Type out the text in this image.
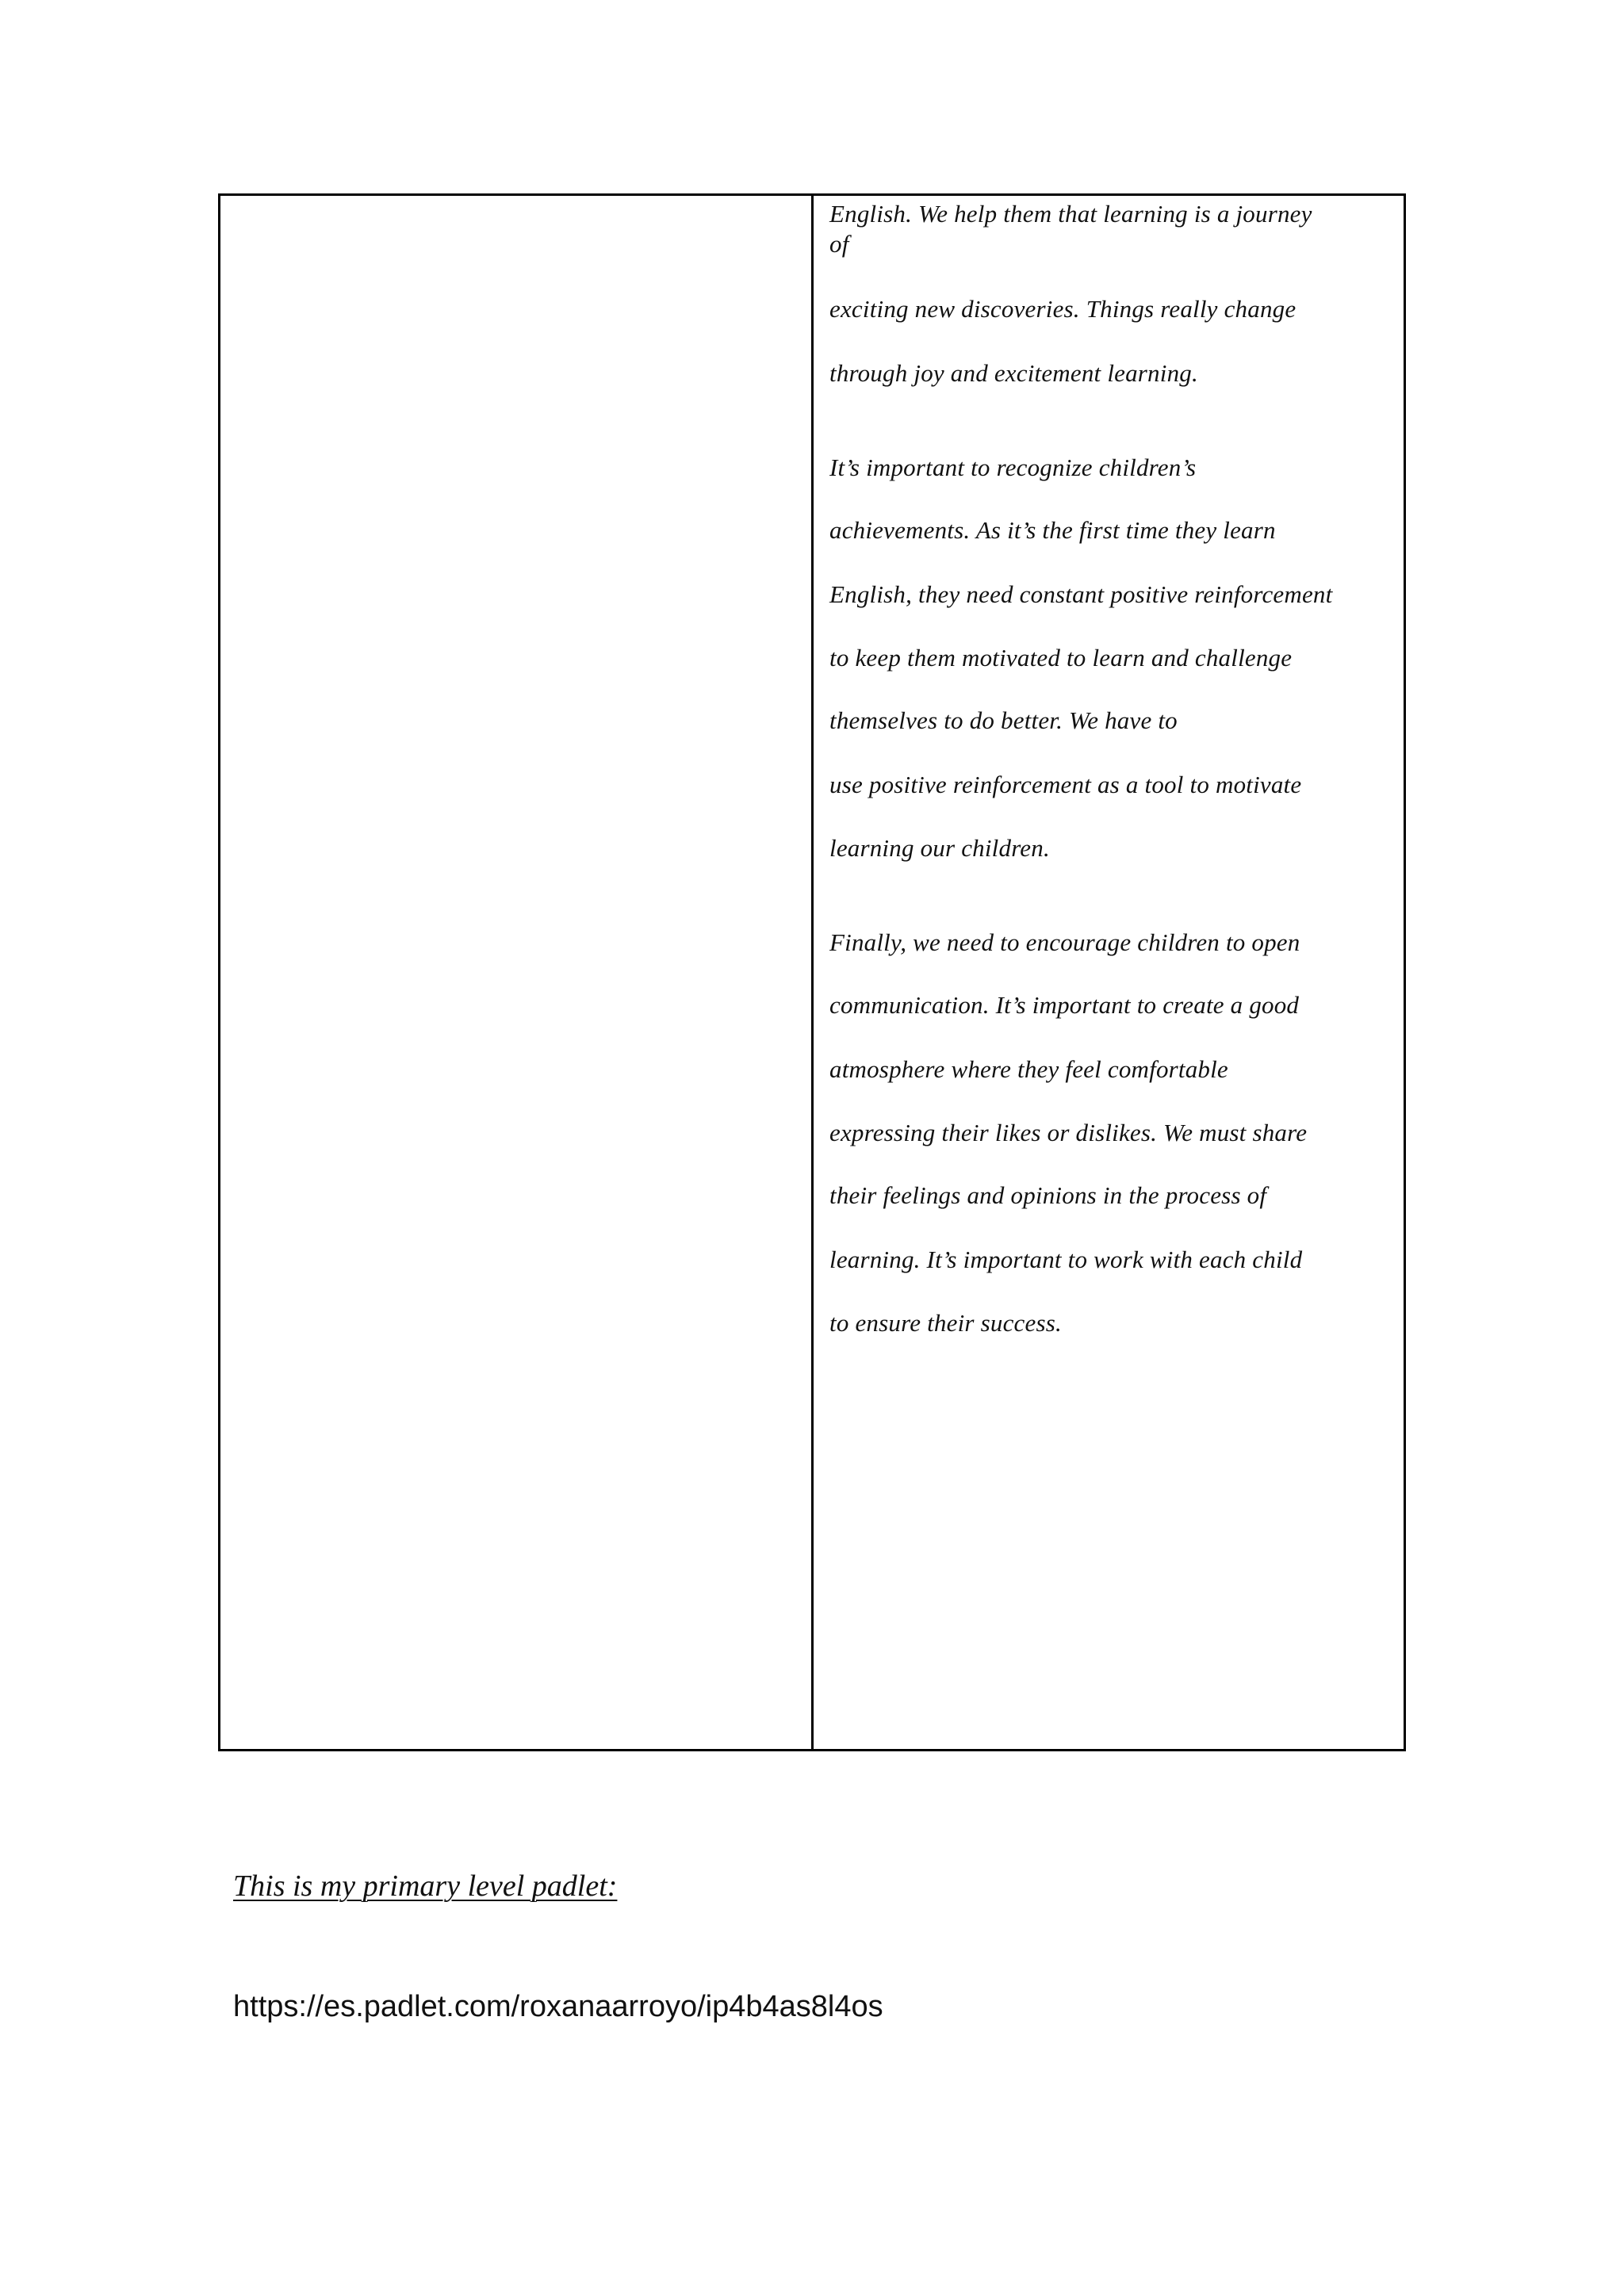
English. We help them that learning is a journey
of
exciting new discoveries. Things really change
through joy and excitement learning.
It’s important to recognize children’s
achievements. As it’s the first time they learn
English, they need constant positive reinforcement
to keep them motivated to learn and challenge
themselves to do better. We have to
use positive reinforcement as a tool to motivate
learning our children.
Finally, we need to encourage children to open
communication. It’s important to create a good
atmosphere where they feel comfortable
expressing their likes or dislikes. We must share
their feelings and opinions in the process of
learning. It’s important to work with each child
to ensure their success.
This is my primary level padlet:
https://es.padlet.com/roxanaarroyo/ip4b4as8l4os
